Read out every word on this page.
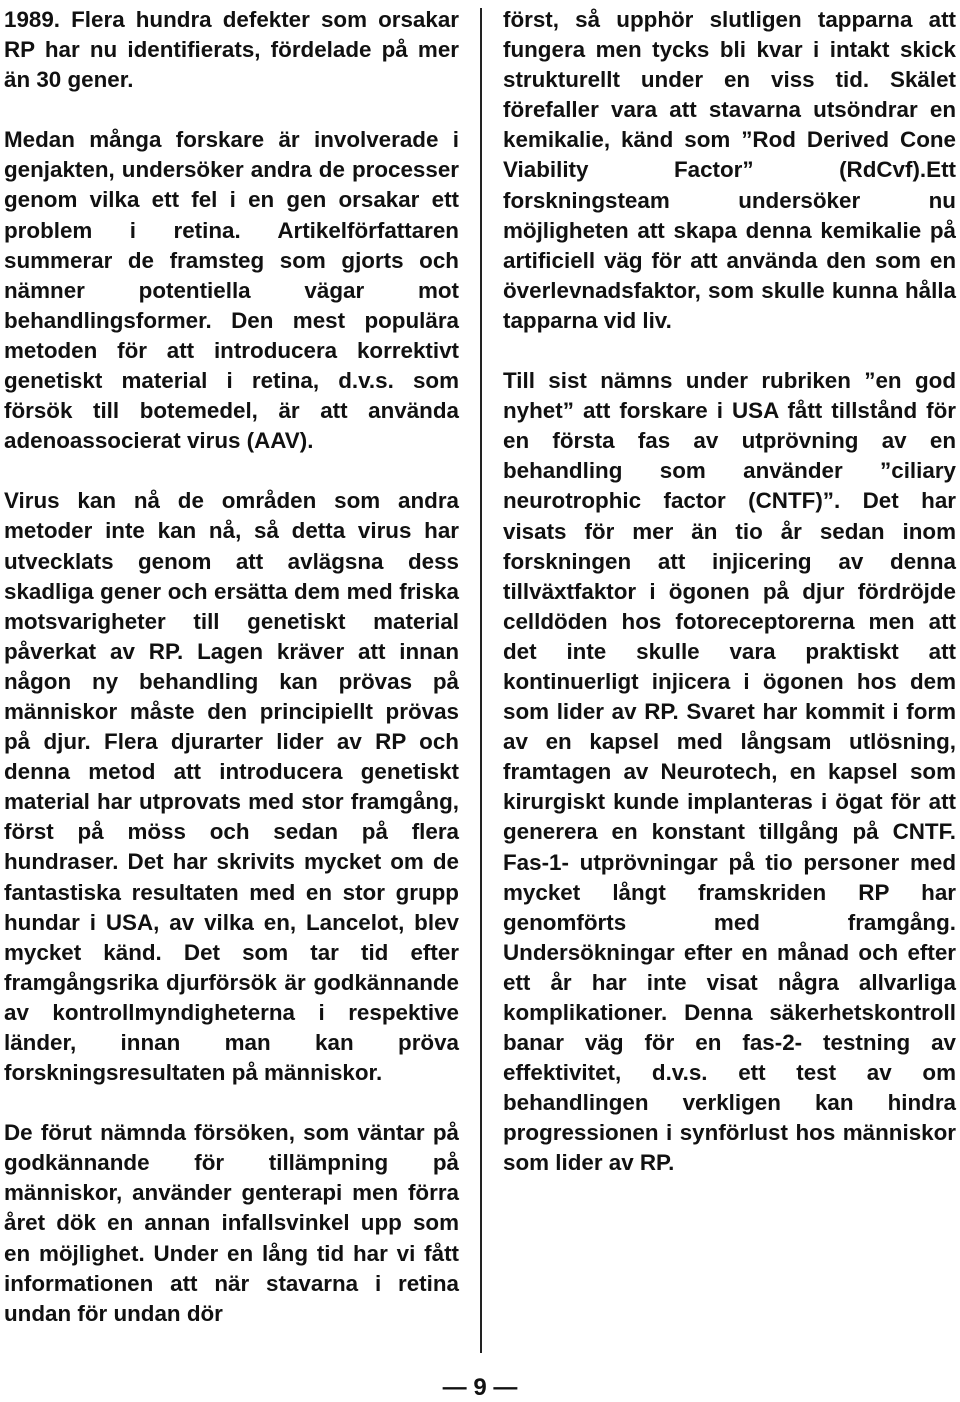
1989. Flera hundra defekter som orsakar RP har nu identifierats, fördelade på mer än 30 gener.

Medan många forskare är involverade i genjakten, undersöker andra de processer genom vilka ett fel i en gen orsakar ett problem i retina. Artikelförfattaren summerar de framsteg som gjorts och nämner potentiella vägar mot behandlingsformer. Den mest populära metoden för att introducera korrektivt genetiskt material i retina, d.v.s. som försök till botemedel, är att använda adenoassocierat virus (AAV).

Virus kan nå de områden som andra metoder inte kan nå, så detta virus har utvecklats genom att avlägsna dess skadliga gener och ersätta dem med friska motsvarigheter till genetiskt material påverkat av RP. Lagen kräver att innan någon ny behandling kan prövas på människor måste den principiellt prövas på djur. Flera djurarter lider av RP och denna metod att introducera genetiskt material har utprovats med stor framgång, först på möss och sedan på flera hundraser. Det har skrivits mycket om de fantastiska resultaten med en stor grupp hundar i USA, av vilka en, Lancelot, blev mycket känd. Det som tar tid efter framgångsrika djurförsök är godkännande av kontrollmyndigheterna i respektive länder, innan man kan pröva forskningsresultaten på människor.

De förut nämnda försöken, som väntar på godkännande för tillämpning på människor, använder genterapi men förra året dök en annan infallsvinkel upp som en möjlighet. Under en lång tid har vi fått informationen att när stavarna i retina undan för undan dör

först, så upphör slutligen tapparna att fungera men tycks bli kvar i intakt skick strukturellt under en viss tid. Skälet förefaller vara att stavarna utsöndrar en kemikalie, känd som ”Rod Derived Cone Viability Factor” (RdCvf).Ett forskningsteam undersöker nu möjligheten att skapa denna kemikalie på artificiell väg för att använda den som en överlevnadsfaktor, som skulle kunna hålla tapparna vid liv.

Till sist nämns under rubriken ”en god nyhet” att forskare i USA fått tillstånd för en första fas av utprövning av en behandling som använder ”ciliary neurotrophic factor (CNTF)”. Det har visats för mer än tio år sedan inom forskningen att injicering av denna tillväxtfaktor i ögonen på djur fördröjde celldöden hos fotoreceptorerna men att det inte skulle vara praktiskt att kontinuerligt injicera i ögonen hos dem som lider av RP. Svaret har kommit i form av en kapsel med långsam utlösning, framtagen av Neurotech, en kapsel som kirurgiskt kunde implanteras i ögat för att generera en konstant tillgång på CNTF. Fas-1- utprövningar på tio personer med mycket långt framskriden RP har genomförts med framgång. Undersökningar efter en månad och efter ett år har inte visat några allvarliga komplikationer. Denna säkerhetskontroll banar väg för en fas-2- testning av effektivitet, d.v.s. ett test av om behandlingen verkligen kan hindra progressionen i synförlust hos människor som lider av RP.

— 9 —
